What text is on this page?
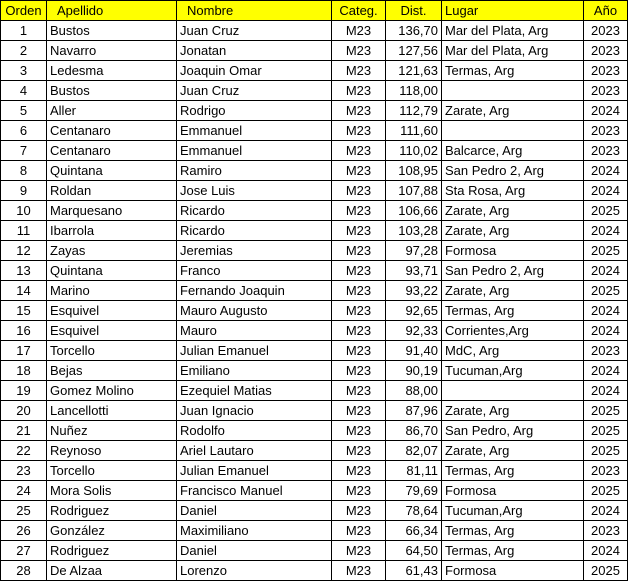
Orden	Apellido	Nombre	Categ.	Dist.	Lugar	Año
1	Bustos	Juan Cruz	M23	136,70	Mar del Plata, Arg	2023
2	Navarro	Jonatan	M23	127,56	Mar del Plata, Arg	2023
3	Ledesma	Joaquin Omar	M23	121,63	Termas, Arg	2023
4	Bustos	Juan Cruz	M23	118,00		2023
5	Aller	Rodrigo	M23	112,79	Zarate, Arg	2024
6	Centanaro	Emmanuel	M23	111,60		2023
7	Centanaro	Emmanuel	M23	110,02	Balcarce, Arg	2023
8	Quintana	Ramiro	M23	108,95	San Pedro 2, Arg	2024
9	Roldan	Jose Luis	M23	107,88	Sta Rosa, Arg	2024
10	Marquesano	Ricardo	M23	106,66	Zarate, Arg	2025
11	Ibarrola	Ricardo	M23	103,28	Zarate, Arg	2024
12	Zayas	Jeremias	M23	97,28	Formosa	2025
13	Quintana	Franco	M23	93,71	San Pedro 2, Arg	2024
14	Marino	Fernando Joaquin	M23	93,22	Zarate, Arg	2025
15	Esquivel	Mauro Augusto	M23	92,65	Termas, Arg	2024
16	Esquivel	Mauro	M23	92,33	Corrientes,Arg	2024
17	Torcello	Julian Emanuel	M23	91,40	MdC, Arg	2023
18	Bejas	Emiliano	M23	90,19	Tucuman,Arg	2024
19	Gomez Molino	Ezequiel Matias	M23	88,00		2024
20	Lancellotti	Juan Ignacio	M23	87,96	Zarate, Arg	2025
21	Nuñez	Rodolfo	M23	86,70	San Pedro, Arg	2025
22	Reynoso	Ariel Lautaro	M23	82,07	Zarate, Arg	2025
23	Torcello	Julian Emanuel	M23	81,11	Termas, Arg	2023
24	Mora Solis	Francisco Manuel	M23	79,69	Formosa	2025
25	Rodriguez	Daniel	M23	78,64	Tucuman,Arg	2024
26	González	Maximiliano	M23	66,34	Termas, Arg	2023
27	Rodriguez	Daniel	M23	64,50	Termas, Arg	2024
28	De Alzaa	Lorenzo	M23	61,43	Formosa	2025
